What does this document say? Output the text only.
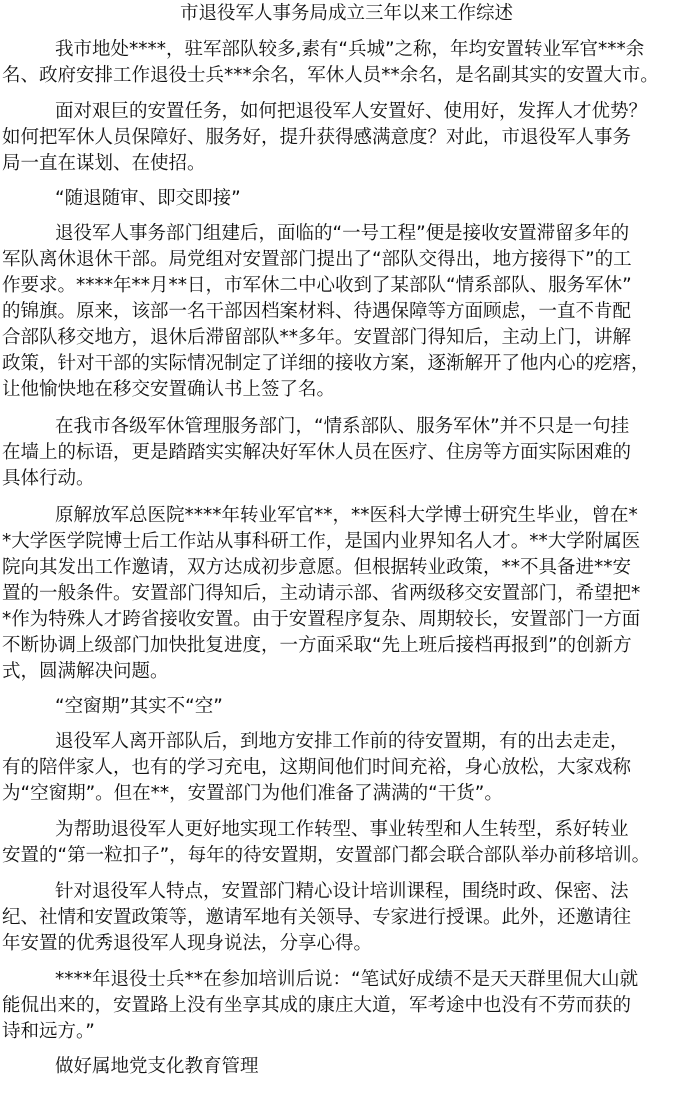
市退役军人事务局成立三年以来工作综述
我市地处****，驻军部队较多,素有“兵城”之称，年均安置转业军官***余
名、政府安排工作退役士兵***余名，军休人员**余名，是名副其实的安置大市。
面对艰巨的安置任务，如何把退役军人安置好、使用好，发挥人才优势？
如何把军休人员保障好、服务好，提升获得感满意度？对此，市退役军人事务
局一直在谋划、在使招。

“随退随审、即交即接”

退役军人事务部门组建后，面临的“一号工程”便是接收安置滞留多年的
军队离休退休干部。局党组对安置部门提出了“部队交得出，地方接得下”的工
作要求。****年**月**日，市军休二中心收到了某部队“情系部队、服务军休”
的锦旗。原来，该部一名干部因档案材料、待遇保障等方面顾虑，一直不肯配
合部队移交地方，退休后滞留部队**多年。安置部门得知后，主动上门，讲解
政策，针对干部的实际情况制定了详细的接收方案，逐渐解开了他内心的疙瘩，
让他愉快地在移交安置确认书上签了名。
在我市各级军休管理服务部门，“情系部队、服务军休”并不只是一句挂
在墙上的标语，更是踏踏实实解决好军休人员在医疗、住房等方面实际困难的
具体行动。
原解放军总医院****年转业军官**，**医科大学博士研究生毕业，曾在*
*大学医学院博士后工作站从事科研工作，是国内业界知名人才。**大学附属医
院向其发出工作邀请，双方达成初步意愿。但根据转业政策，**不具备进**安
置的一般条件。安置部门得知后，主动请示部、省两级移交安置部门，希望把*
*作为特殊人才跨省接收安置。由于安置程序复杂、周期较长，安置部门一方面
不断协调上级部门加快批复进度，一方面采取“先上班后接档再报到”的创新方
式，圆满解决问题。

“空窗期”其实不“空”

退役军人离开部队后，到地方安排工作前的待安置期，有的出去走走，
有的陪伴家人，也有的学习充电，这期间他们时间充裕，身心放松，大家戏称
为“空窗期”。但在**，安置部门为他们准备了满满的“干货”。
为帮助退役军人更好地实现工作转型、事业转型和人生转型，系好转业
安置的“第一粒扣子”，每年的待安置期，安置部门都会联合部队举办前移培训。
针对退役军人特点，安置部门精心设计培训课程，围绕时政、保密、法
纪、社情和安置政策等，邀请军地有关领导、专家进行授课。此外，还邀请往
年安置的优秀退役军人现身说法，分享心得。
****年退役士兵**在参加培训后说：“笔试好成绩不是天天群里侃大山就
能侃出来的，安置路上没有坐享其成的康庄大道，军考途中也没有不劳而获的
诗和远方。”

做好属地党支化教育管理
